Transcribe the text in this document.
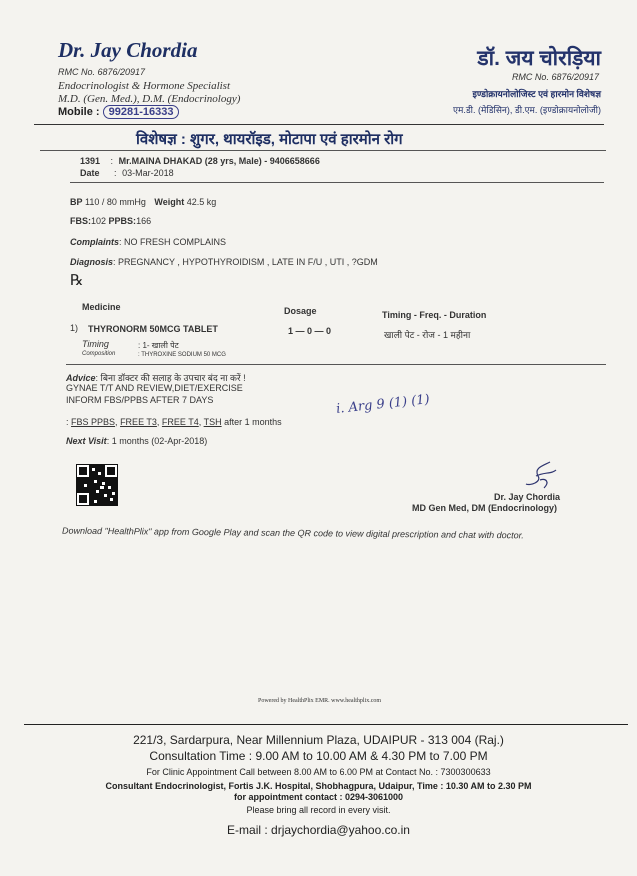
Dr. Jay Chordia
RMC No. 6876/20917
Endocrinologist & Hormone Specialist
M.D. (Gen. Med.), D.M. (Endocrinology)
Mobile : 99281-16333
डॉ. जय चोरड़िया
RMC No. 6876/20917
इण्डोक्रायनोलोजिस्ट एवं हारमोन विशेषज्ञ
एम.डी. (मेडिसिन), डी.एम. (इण्डोक्रायनोलोजी)
विशेषज्ञ : शुगर, थायरॉइड, मोटापा एवं हारमोन रोग
1391 : Mr.MAINA DHAKAD (28 yrs, Male) - 9406658666
Date : 03-Mar-2018
BP 110 / 80 mmHg Weight 42.5 kg
FBS:102 PPBS:166
Complaints: NO FRESH COMPLAINS
Diagnosis: PREGNANCY , HYPOTHYROIDISM , LATE IN F/U , UTI , ?GDM
℞
Medicine	Dosage	Timing - Freq. - Duration
1) THYRONORM 50MCG TABLET	1 — 0 — 0	खाली पेट - रोज - 1 महीना
Timing	: 1- खाली पेट
Composition	: THYROXINE SODIUM 50 MCG
Advice: बिना डॉक्टर की सलाह के उपचार बंद ना करें !
GYNAE T/T AND REVIEW,DIET/EXERCISE
INFORM FBS/PPBS AFTER 7 DAYS
: FBS PPBS, FREE T3, FREE T4, TSH after 1 months
i. Arg 9 (1) (1)
Next Visit: 1 months (02-Apr-2018)
Dr. Jay Chordia
MD Gen Med, DM (Endocrinology)
Download "HealthPlix" app from Google Play and scan the QR code to view digital prescription and chat with doctor.
Powered by HealthPlix EMR. www.healthplix.com
221/3, Sardarpura, Near Millennium Plaza, UDAIPUR - 313 004 (Raj.)
Consultation Time : 9.00 AM to 10.00 AM & 4.30 PM to 7.00 PM
For Clinic Appointment Call between 8.00 AM to 6.00 PM at Contact No. : 7300300633
Consultant Endocrinologist, Fortis J.K. Hospital, Shobhagpura, Udaipur, Time : 10.30 AM to 2.30 PM
for appointment contact : 0294-3061000
Please bring all record in every visit.
E-mail : drjaychordia@yahoo.co.in
